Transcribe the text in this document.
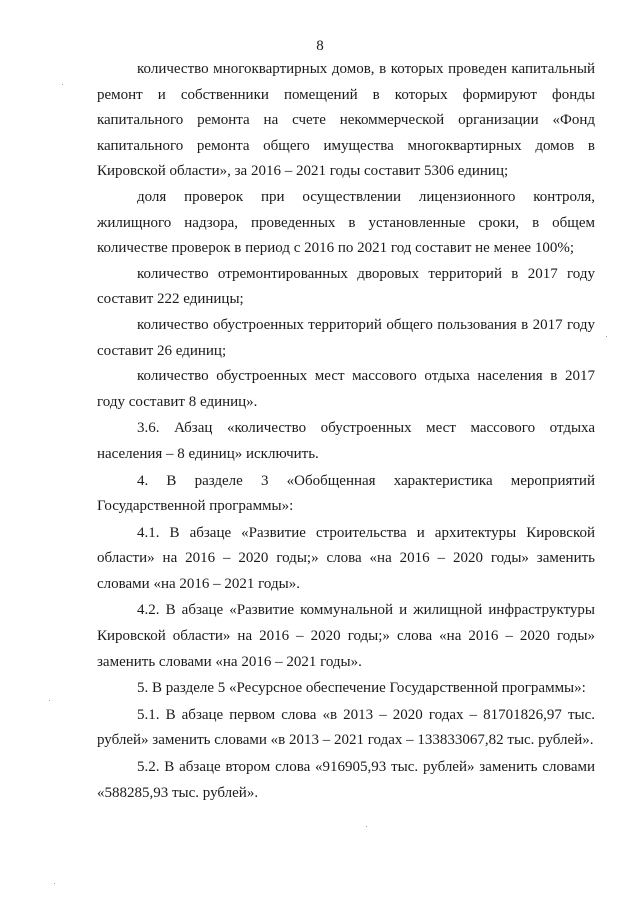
8

количество многоквартирных домов, в которых проведен капитальный ремонт и собственники помещений в которых формируют фонды капитального ремонта на счете некоммерческой организации «Фонд капитального ремонта общего имущества многоквартирных домов в Кировской области», за 2016 – 2021 годы составит 5306 единиц;

доля проверок при осуществлении лицензионного контроля, жилищного надзора, проведенных в установленные сроки, в общем количестве проверок в период с 2016 по 2021 год составит не менее 100%;

количество отремонтированных дворовых территорий в 2017 году составит 222 единицы;

количество обустроенных территорий общего пользования в 2017 году составит 26 единиц;

количество обустроенных мест массового отдыха населения в 2017 году составит 8 единиц».

3.6. Абзац «количество обустроенных мест массового отдыха населения – 8 единиц» исключить.

4. В разделе 3 «Обобщенная характеристика мероприятий Государственной программы»:

4.1. В абзаце «Развитие строительства и архитектуры Кировской области» на 2016 – 2020 годы;» слова «на 2016 – 2020 годы» заменить словами «на 2016 – 2021 годы».

4.2. В абзаце «Развитие коммунальной и жилищной инфраструктуры Кировской области» на 2016 – 2020 годы;» слова «на 2016 – 2020 годы» заменить словами «на 2016 – 2021 годы».

5. В разделе 5 «Ресурсное обеспечение Государственной программы»:

5.1. В абзаце первом слова «в 2013 – 2020 годах – 81701826,97 тыс. рублей» заменить словами «в 2013 – 2021 годах – 133833067,82 тыс. рублей».

5.2. В абзаце втором слова «916905,93 тыс. рублей» заменить словами «588285,93 тыс. рублей».
